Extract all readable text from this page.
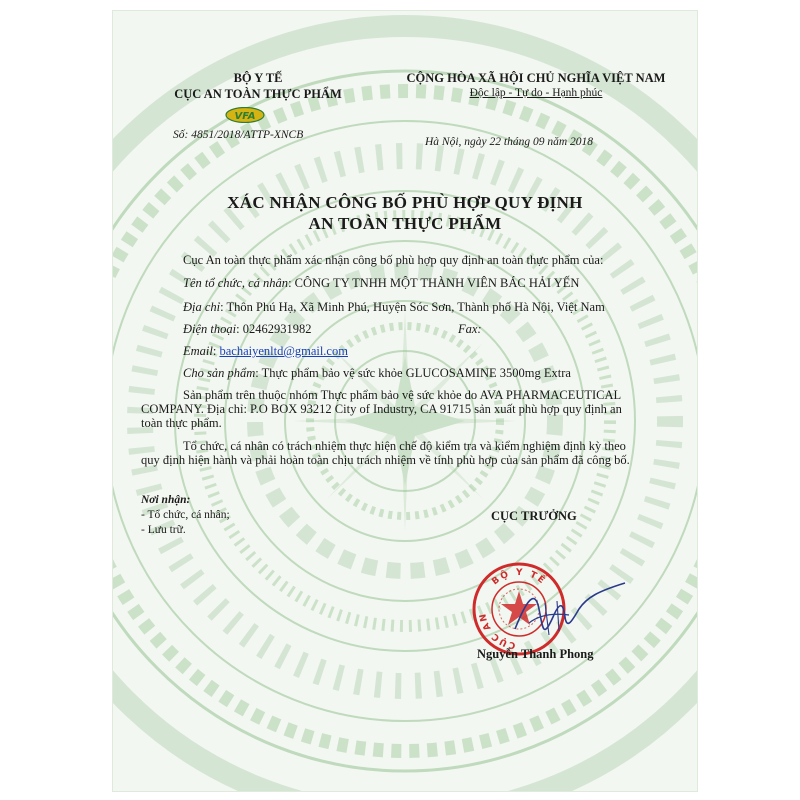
BỘ Y TẾ
CỤC AN TOÀN THỰC PHẨM
Số: 4851/2018/ATTP-XNCB
CỘNG HÒA XÃ HỘI CHỦ NGHĨA VIỆT NAM
Độc lập - Tự do - Hạnh phúc
Hà Nội, ngày 22 tháng 09 năm 2018
XÁC NHẬN CÔNG BỐ PHÙ HỢP QUY ĐỊNH
AN TOÀN THỰC PHẨM
Cục An toàn thực phẩm xác nhận công bố phù hợp quy định an toàn thực phẩm của:
Tên tổ chức, cá nhân: CÔNG TY TNHH MỘT THÀNH VIÊN BÁC HẢI YẾN
Địa chỉ: Thôn Phú Hạ, Xã Minh Phú, Huyện Sóc Sơn, Thành phố Hà Nội, Việt Nam
Điện thoại: 02462931982	Fax:
Email: bachaiyenltd@gmail.com
Cho sản phẩm: Thực phẩm bảo vệ sức khỏe GLUCOSAMINE 3500mg Extra
Sản phẩm trên thuộc nhóm Thực phẩm bảo vệ sức khỏe do AVA PHARMACEUTICAL
COMPANY. Địa chỉ: P.O BOX 93212 City of Industry, CA 91715 sản xuất phù hợp quy định an
toàn thực phẩm.
Tổ chức, cá nhân có trách nhiệm thực hiện chế độ kiểm tra và kiểm nghiệm định kỳ theo
quy định hiện hành và phải hoàn toàn chịu trách nhiệm về tính phù hợp của sản phẩm đã công bố.
Nơi nhận:
- Tổ chức, cá nhân;
- Lưu trữ.
CỤC TRƯỞNG
BỘ Y TẾ
CỤC AN
Nguyễn Thanh Phong
VFA
